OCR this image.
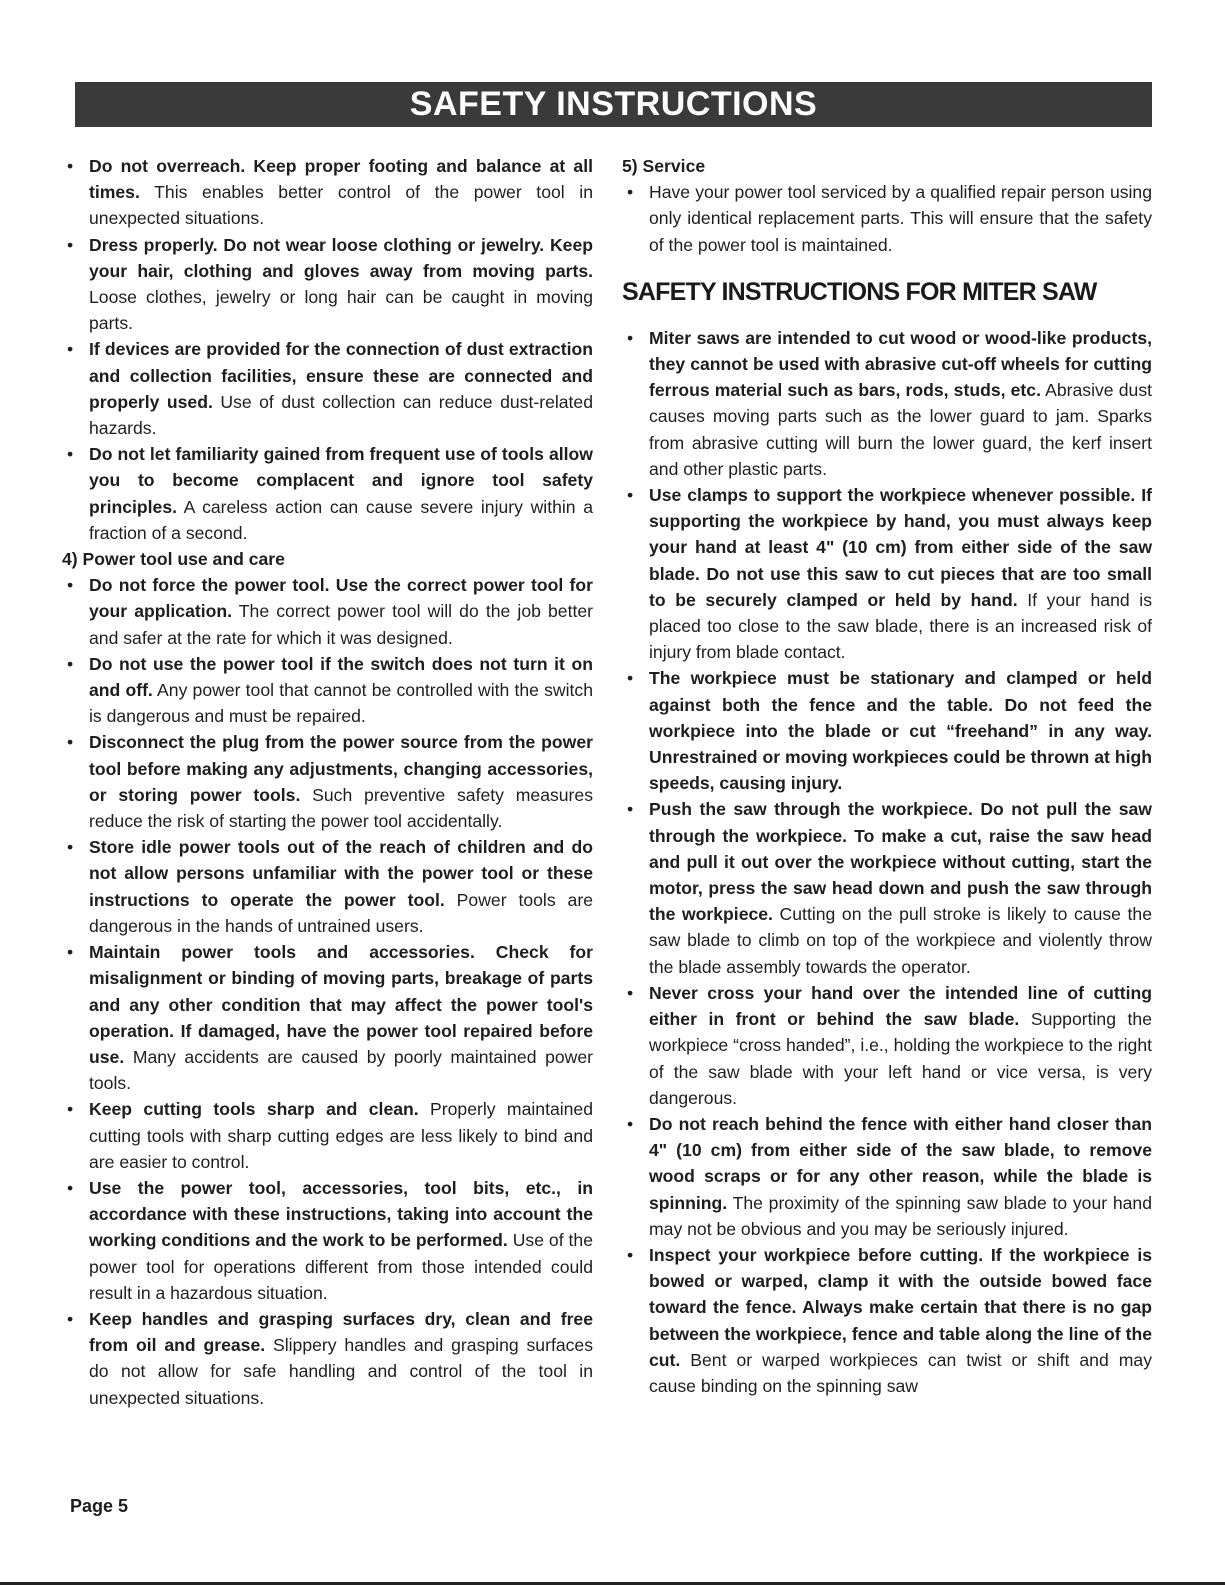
SAFETY INSTRUCTIONS

• Do not overreach. Keep proper footing and balance at all times. This enables better control of the power tool in unexpected situations.

• Dress properly. Do not wear loose clothing or jewelry. Keep your hair, clothing and gloves away from moving parts. Loose clothes, jewelry or long hair can be caught in moving parts.

• If devices are provided for the connection of dust extraction and collection facilities, ensure these are connected and properly used. Use of dust collection can reduce dust-related hazards.

• Do not let familiarity gained from frequent use of tools allow you to become complacent and ignore tool safety principles. A careless action can cause severe injury within a fraction of a second.

4) Power tool use and care

• Do not force the power tool. Use the correct power tool for your application. The correct power tool will do the job better and safer at the rate for which it was designed.

• Do not use the power tool if the switch does not turn it on and off. Any power tool that cannot be controlled with the switch is dangerous and must be repaired.

• Disconnect the plug from the power source from the power tool before making any adjustments, changing accessories, or storing power tools. Such preventive safety measures reduce the risk of starting the power tool accidentally.

• Store idle power tools out of the reach of children and do not allow persons unfamiliar with the power tool or these instructions to operate the power tool. Power tools are dangerous in the hands of untrained users.

• Maintain power tools and accessories. Check for misalignment or binding of moving parts, breakage of parts and any other condition that may affect the power tool's operation. If damaged, have the power tool repaired before use. Many accidents are caused by poorly maintained power tools.

• Keep cutting tools sharp and clean. Properly maintained cutting tools with sharp cutting edges are less likely to bind and are easier to control.

• Use the power tool, accessories, tool bits, etc., in accordance with these instructions, taking into account the working conditions and the work to be performed. Use of the power tool for operations different from those intended could result in a hazardous situation.

• Keep handles and grasping surfaces dry, clean and free from oil and grease. Slippery handles and grasping surfaces do not allow for safe handling and control of the tool in unexpected situations.

5) Service

• Have your power tool serviced by a qualified repair person using only identical replacement parts. This will ensure that the safety of the power tool is maintained.

SAFETY INSTRUCTIONS FOR MITER SAW

• Miter saws are intended to cut wood or wood-like products, they cannot be used with abrasive cut-off wheels for cutting ferrous material such as bars, rods, studs, etc. Abrasive dust causes moving parts such as the lower guard to jam. Sparks from abrasive cutting will burn the lower guard, the kerf insert and other plastic parts.

• Use clamps to support the workpiece whenever possible. If supporting the workpiece by hand, you must always keep your hand at least 4" (10 cm) from either side of the saw blade. Do not use this saw to cut pieces that are too small to be securely clamped or held by hand. If your hand is placed too close to the saw blade, there is an increased risk of injury from blade contact.

• The workpiece must be stationary and clamped or held against both the fence and the table. Do not feed the workpiece into the blade or cut “freehand” in any way. Unrestrained or moving workpieces could be thrown at high speeds, causing injury.

• Push the saw through the workpiece. Do not pull the saw through the workpiece. To make a cut, raise the saw head and pull it out over the workpiece without cutting, start the motor, press the saw head down and push the saw through the workpiece. Cutting on the pull stroke is likely to cause the saw blade to climb on top of the workpiece and violently throw the blade assembly towards the operator.

• Never cross your hand over the intended line of cutting either in front or behind the saw blade. Supporting the workpiece “cross handed”, i.e., holding the workpiece to the right of the saw blade with your left hand or vice versa, is very dangerous.

• Do not reach behind the fence with either hand closer than 4" (10 cm) from either side of the saw blade, to remove wood scraps or for any other reason, while the blade is spinning. The proximity of the spinning saw blade to your hand may not be obvious and you may be seriously injured.

• Inspect your workpiece before cutting. If the workpiece is bowed or warped, clamp it with the outside bowed face toward the fence. Always make certain that there is no gap between the workpiece, fence and table along the line of the cut. Bent or warped workpieces can twist or shift and may cause binding on the spinning saw

Page 5
